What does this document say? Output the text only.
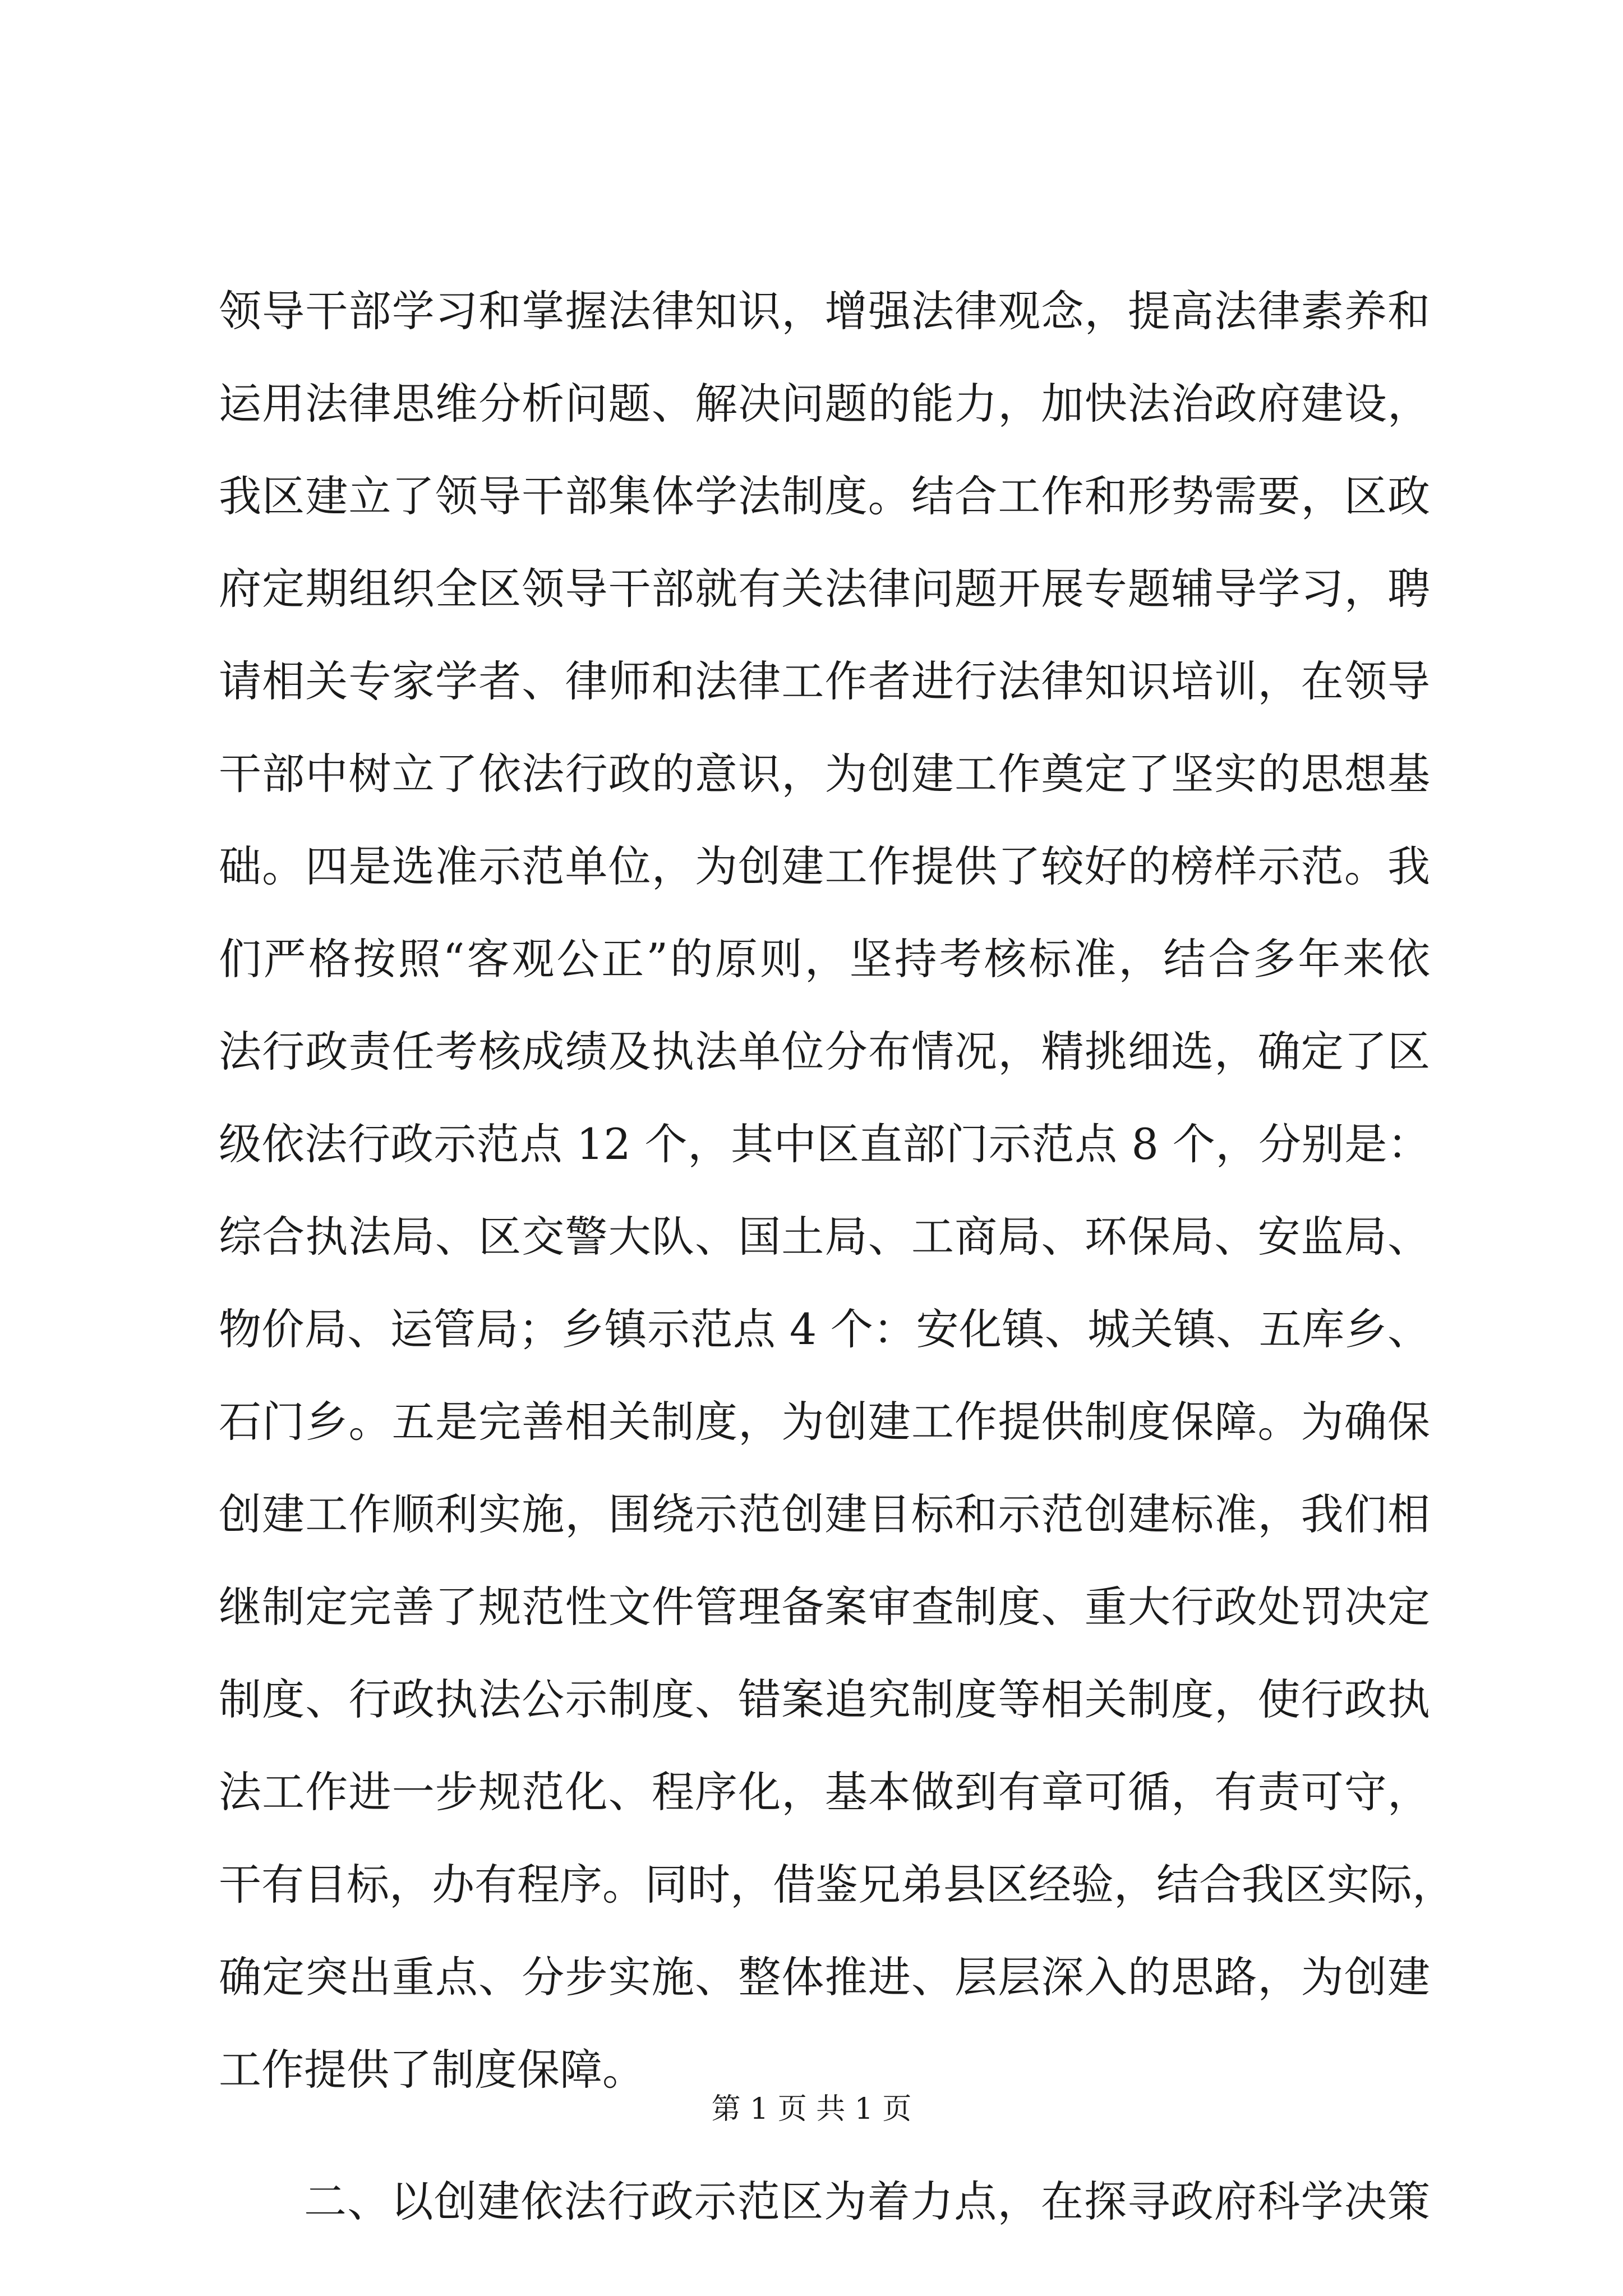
领导干部学习和掌握法律知识，增强法律观念，提高法律素养和
运用法律思维分析问题、解决问题的能力，加快法治政府建设，
我区建立了领导干部集体学法制度。结合工作和形势需要，区政
府定期组织全区领导干部就有关法律问题开展专题辅导学习，聘
请相关专家学者、律师和法律工作者进行法律知识培训，在领导
干部中树立了依法行政的意识，为创建工作奠定了坚实的思想基
础。四是选准示范单位，为创建工作提供了较好的榜样示范。我
们严格按照“客观公正”的原则，坚持考核标准，结合多年来依
法行政责任考核成绩及执法单位分布情况，精挑细选，确定了区
级依法行政示范点 12 个，其中区直部门示范点 8 个，分别是：
综合执法局、区交警大队、国土局、工商局、环保局、安监局、
物价局、运管局；乡镇示范点 4 个：安化镇、城关镇、五库乡、
石门乡。五是完善相关制度，为创建工作提供制度保障。为确保
创建工作顺利实施，围绕示范创建目标和示范创建标准，我们相
继制定完善了规范性文件管理备案审查制度、重大行政处罚决定
制度、行政执法公示制度、错案追究制度等相关制度，使行政执
法工作进一步规范化、程序化，基本做到有章可循，有责可守，
干有目标，办有程序。同时，借鉴兄弟县区经验，结合我区实际，
确定突出重点、分步实施、整体推进、层层深入的思路，为创建
工作提供了制度保障。
二、以创建依法行政示范区为着力点，在探寻政府科学决策
第 1 页 共 1 页
